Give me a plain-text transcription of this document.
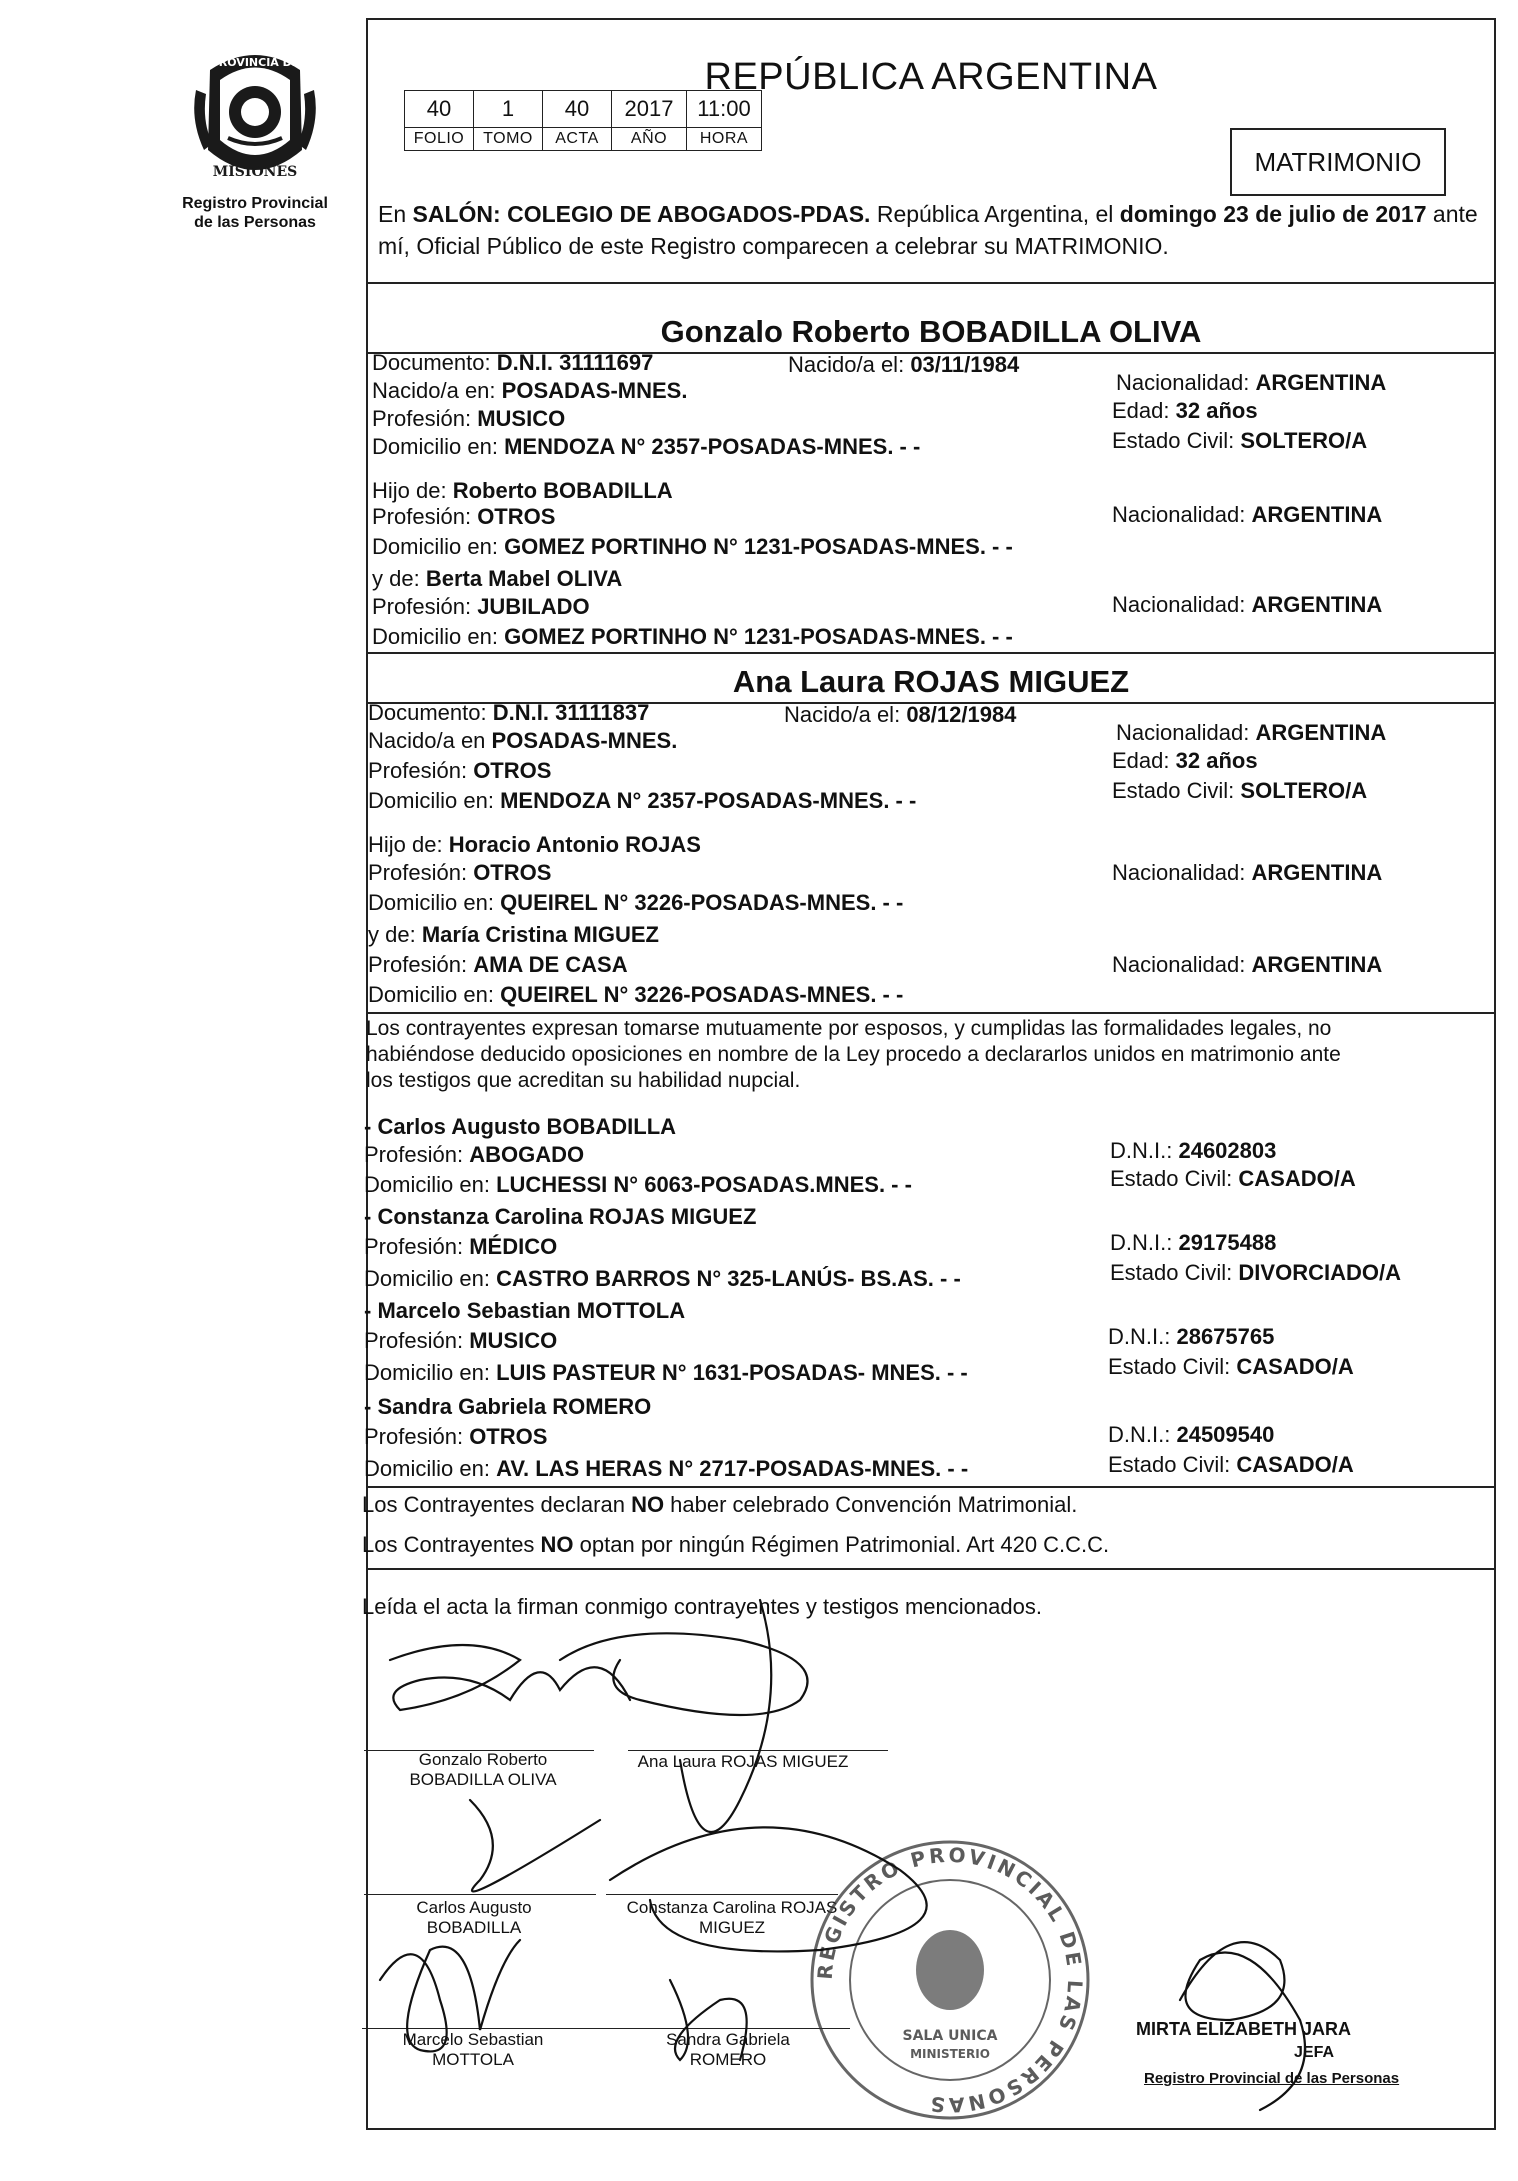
PROVINCIA DE
MISIONES
Registro Provincial
de las Personas
REPÚBLICA ARGENTINA
40	1	40	2017	11:00
FOLIO	TOMO	ACTA	AÑO	HORA
MATRIMONIO
En SALÓN: COLEGIO DE ABOGADOS-PDAS. República Argentina, el domingo 23 de julio de 2017 ante mí, Oficial Público de este Registro comparecen a celebrar su MATRIMONIO.
Gonzalo Roberto BOBADILLA OLIVA
Documento: D.N.I. 31111697	Nacido/a el: 03/11/1984
Nacionalidad: ARGENTINA
Nacido/a en: POSADAS-MNES.
Edad: 32 años
Profesión: MUSICO
Estado Civil: SOLTERO/A
Domicilio en: MENDOZA N° 2357-POSADAS-MNES. - -
Hijo de: Roberto BOBADILLA
Profesión: OTROS	Nacionalidad: ARGENTINA
Domicilio en: GOMEZ PORTINHO N° 1231-POSADAS-MNES. - -
y de: Berta Mabel OLIVA
Profesión: JUBILADO	Nacionalidad: ARGENTINA
Domicilio en: GOMEZ PORTINHO N° 1231-POSADAS-MNES. - -
Ana Laura ROJAS MIGUEZ
Documento: D.N.I. 31111837	Nacido/a el: 08/12/1984
Nacionalidad: ARGENTINA
Nacido/a en POSADAS-MNES.
Edad: 32 años
Profesión: OTROS
Estado Civil: SOLTERO/A
Domicilio en: MENDOZA N° 2357-POSADAS-MNES. - -
Hijo de: Horacio Antonio ROJAS
Profesión: OTROS	Nacionalidad: ARGENTINA
Domicilio en: QUEIREL N° 3226-POSADAS-MNES. - -
y de: María Cristina MIGUEZ
Profesión: AMA DE CASA	Nacionalidad: ARGENTINA
Domicilio en: QUEIREL N° 3226-POSADAS-MNES. - -
Los contrayentes expresan tomarse mutuamente por esposos, y cumplidas las formalidades legales, no
habiéndose deducido oposiciones en nombre de la Ley procedo a declararlos unidos en matrimonio ante
los testigos que acreditan su habilidad nupcial.
- Carlos Augusto BOBADILLA
Profesión: ABOGADO
Domicilio en: LUCHESSI N° 6063-POSADAS.MNES. - -
D.N.I.: 24602803
Estado Civil: CASADO/A
- Constanza Carolina ROJAS MIGUEZ
Profesión: MÉDICO
Domicilio en: CASTRO BARROS N° 325-LANÚS- BS.AS. - -
D.N.I.: 29175488
Estado Civil: DIVORCIADO/A
- Marcelo Sebastian MOTTOLA
Profesión: MUSICO
Domicilio en: LUIS PASTEUR N° 1631-POSADAS- MNES. - -
D.N.I.: 28675765
Estado Civil: CASADO/A
- Sandra Gabriela ROMERO
Profesión: OTROS
Domicilio en: AV. LAS HERAS N° 2717-POSADAS-MNES. - -
D.N.I.: 24509540
Estado Civil: CASADO/A
Los Contrayentes declaran NO haber celebrado Convención Matrimonial.
Los Contrayentes NO optan por ningún Régimen Patrimonial. Art 420 C.C.C.
Leída el acta la firman conmigo contrayentes y testigos mencionados.
Gonzalo Roberto
BOBADILLA OLIVA
Ana Laura ROJAS MIGUEZ
Carlos Augusto
BOBADILLA
Constanza Carolina ROJAS
MIGUEZ
Marcelo Sebastian
MOTTOLA
Sandra Gabriela ROMERO
MIRTA ELIZABETH JARA
JEFA
Registro Provincial de las Personas
REGISTRO PROVINCIAL DE LAS PERSONAS
SALA UNICA
MINISTERIO
